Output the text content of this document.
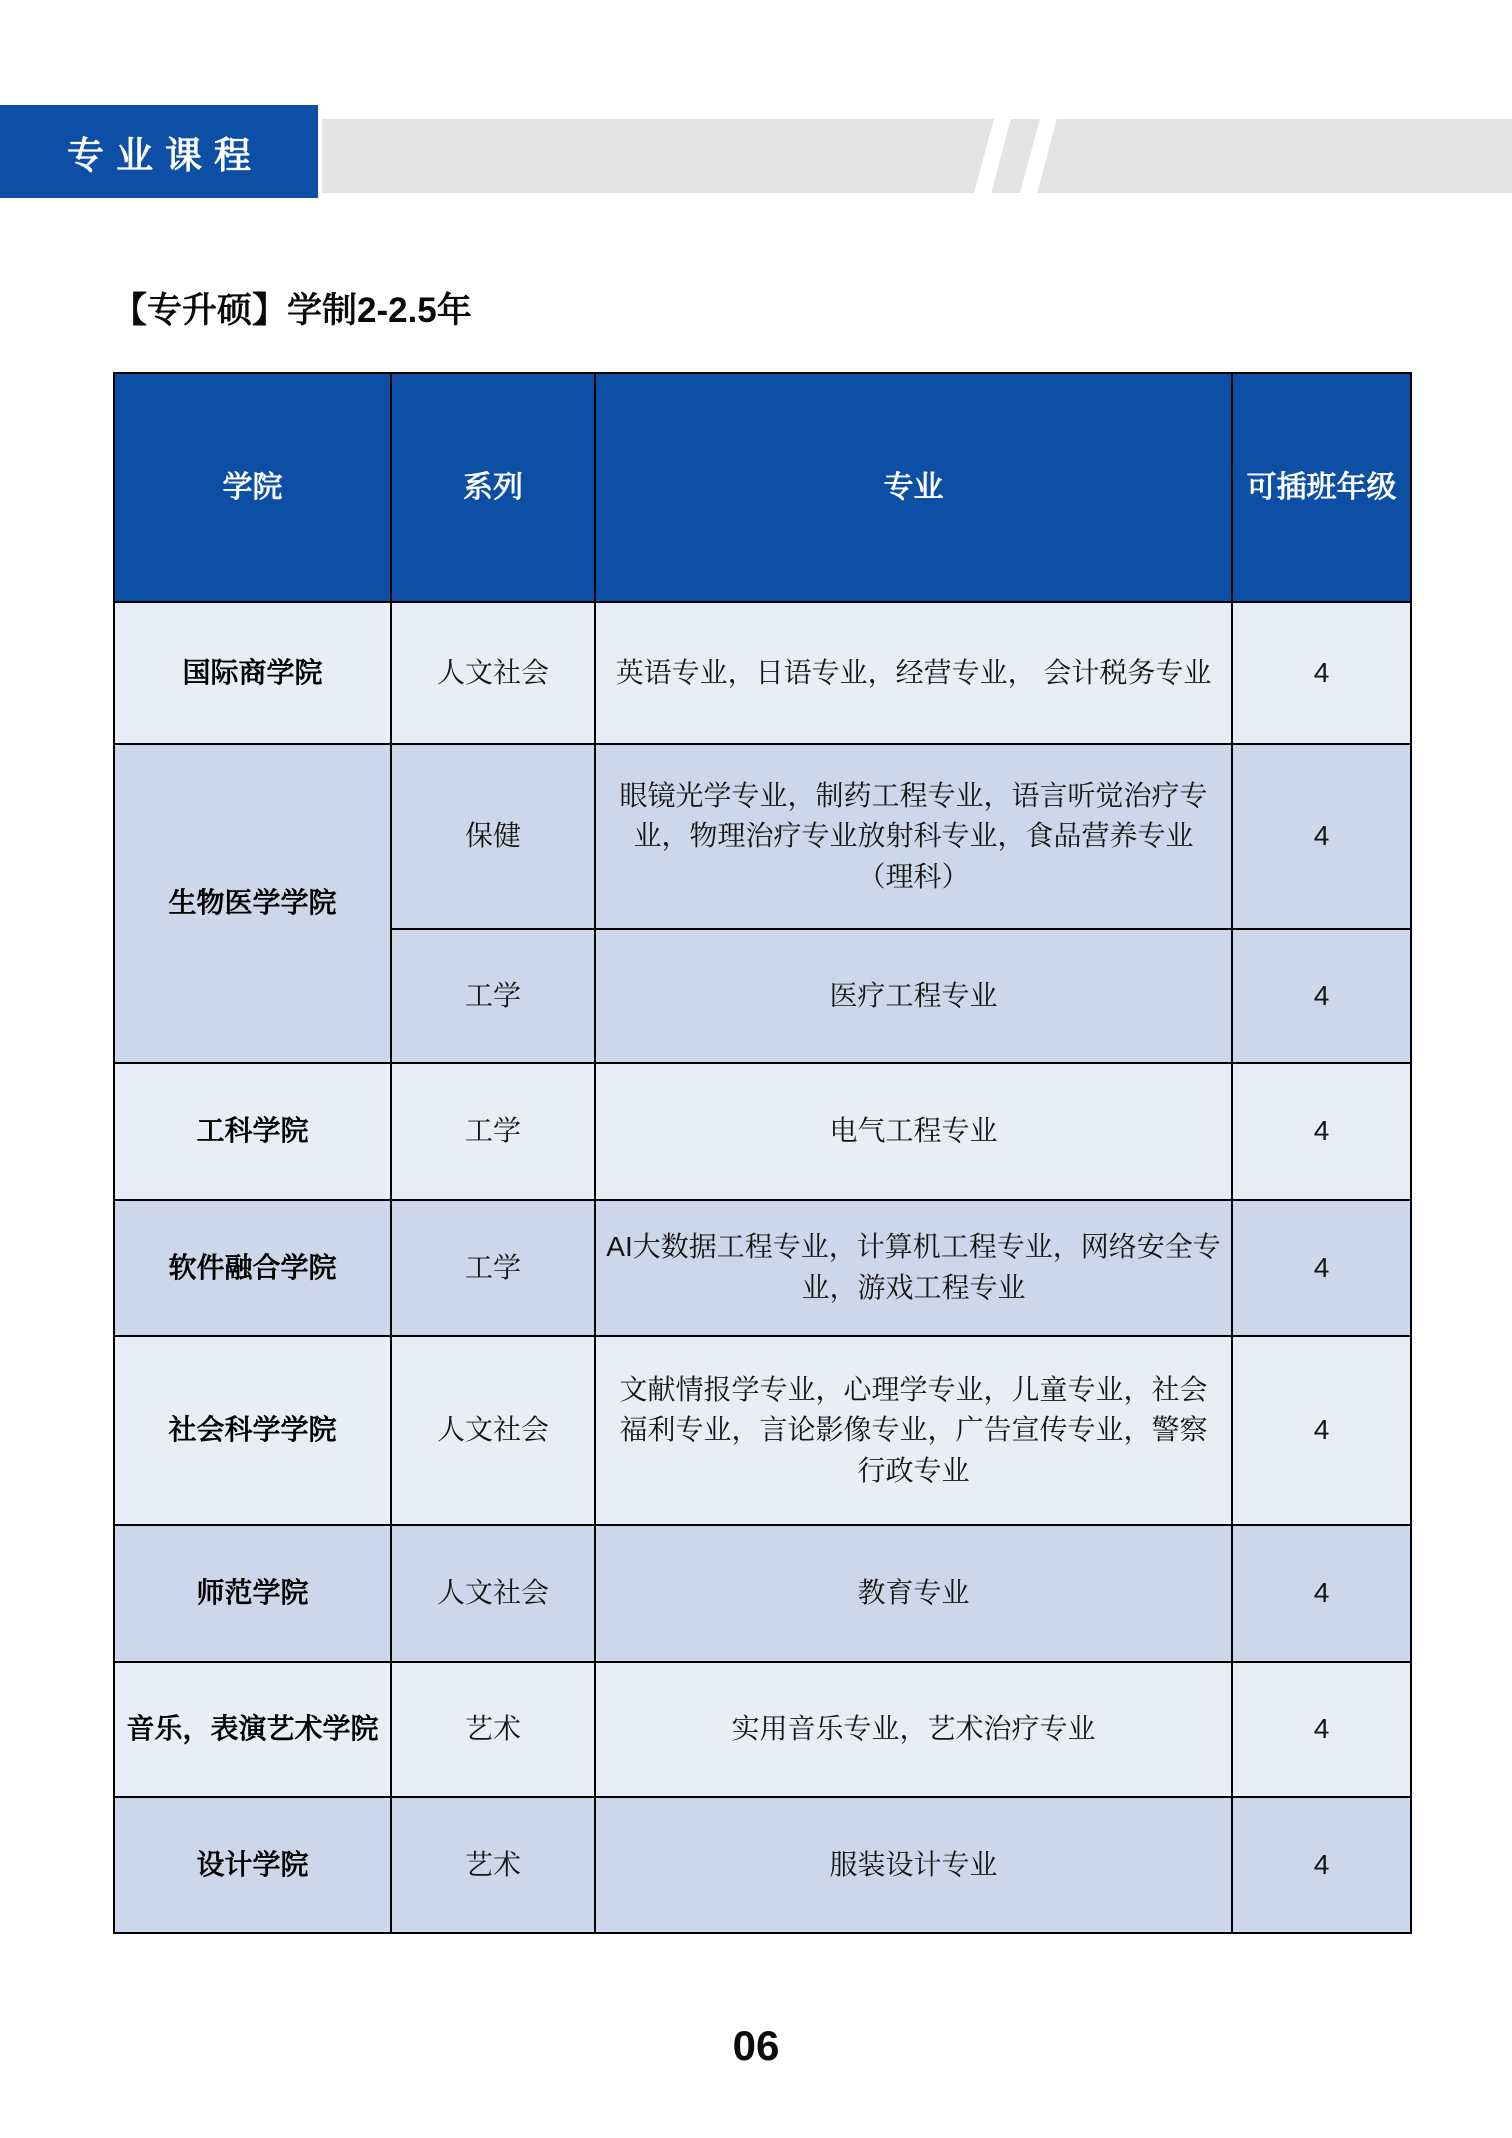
专业课程
【专升硕】学制2-2.5年
学院	系列	专业	可插班年级
国际商学院	人文社会	英语专业，日语专业，经营专业， 会计税务专业	4
生物医学学院	保健	眼镜光学专业，制药工程专业，语言听觉治疗专业，物理治疗专业放射科专业，食品营养专业（理科）	4
	工学	医疗工程专业	4
工科学院	工学	电气工程专业	4
软件融合学院	工学	AI大数据工程专业，计算机工程专业，网络安全专业，游戏工程专业	4
社会科学学院	人文社会	文献情报学专业，心理学专业，儿童专业，社会福利专业，言论影像专业，广告宣传专业，警察行政专业	4
师范学院	人文社会	教育专业	4
音乐，表演艺术学院	艺术	实用音乐专业，艺术治疗专业	4
设计学院	艺术	服装设计专业	4
06
